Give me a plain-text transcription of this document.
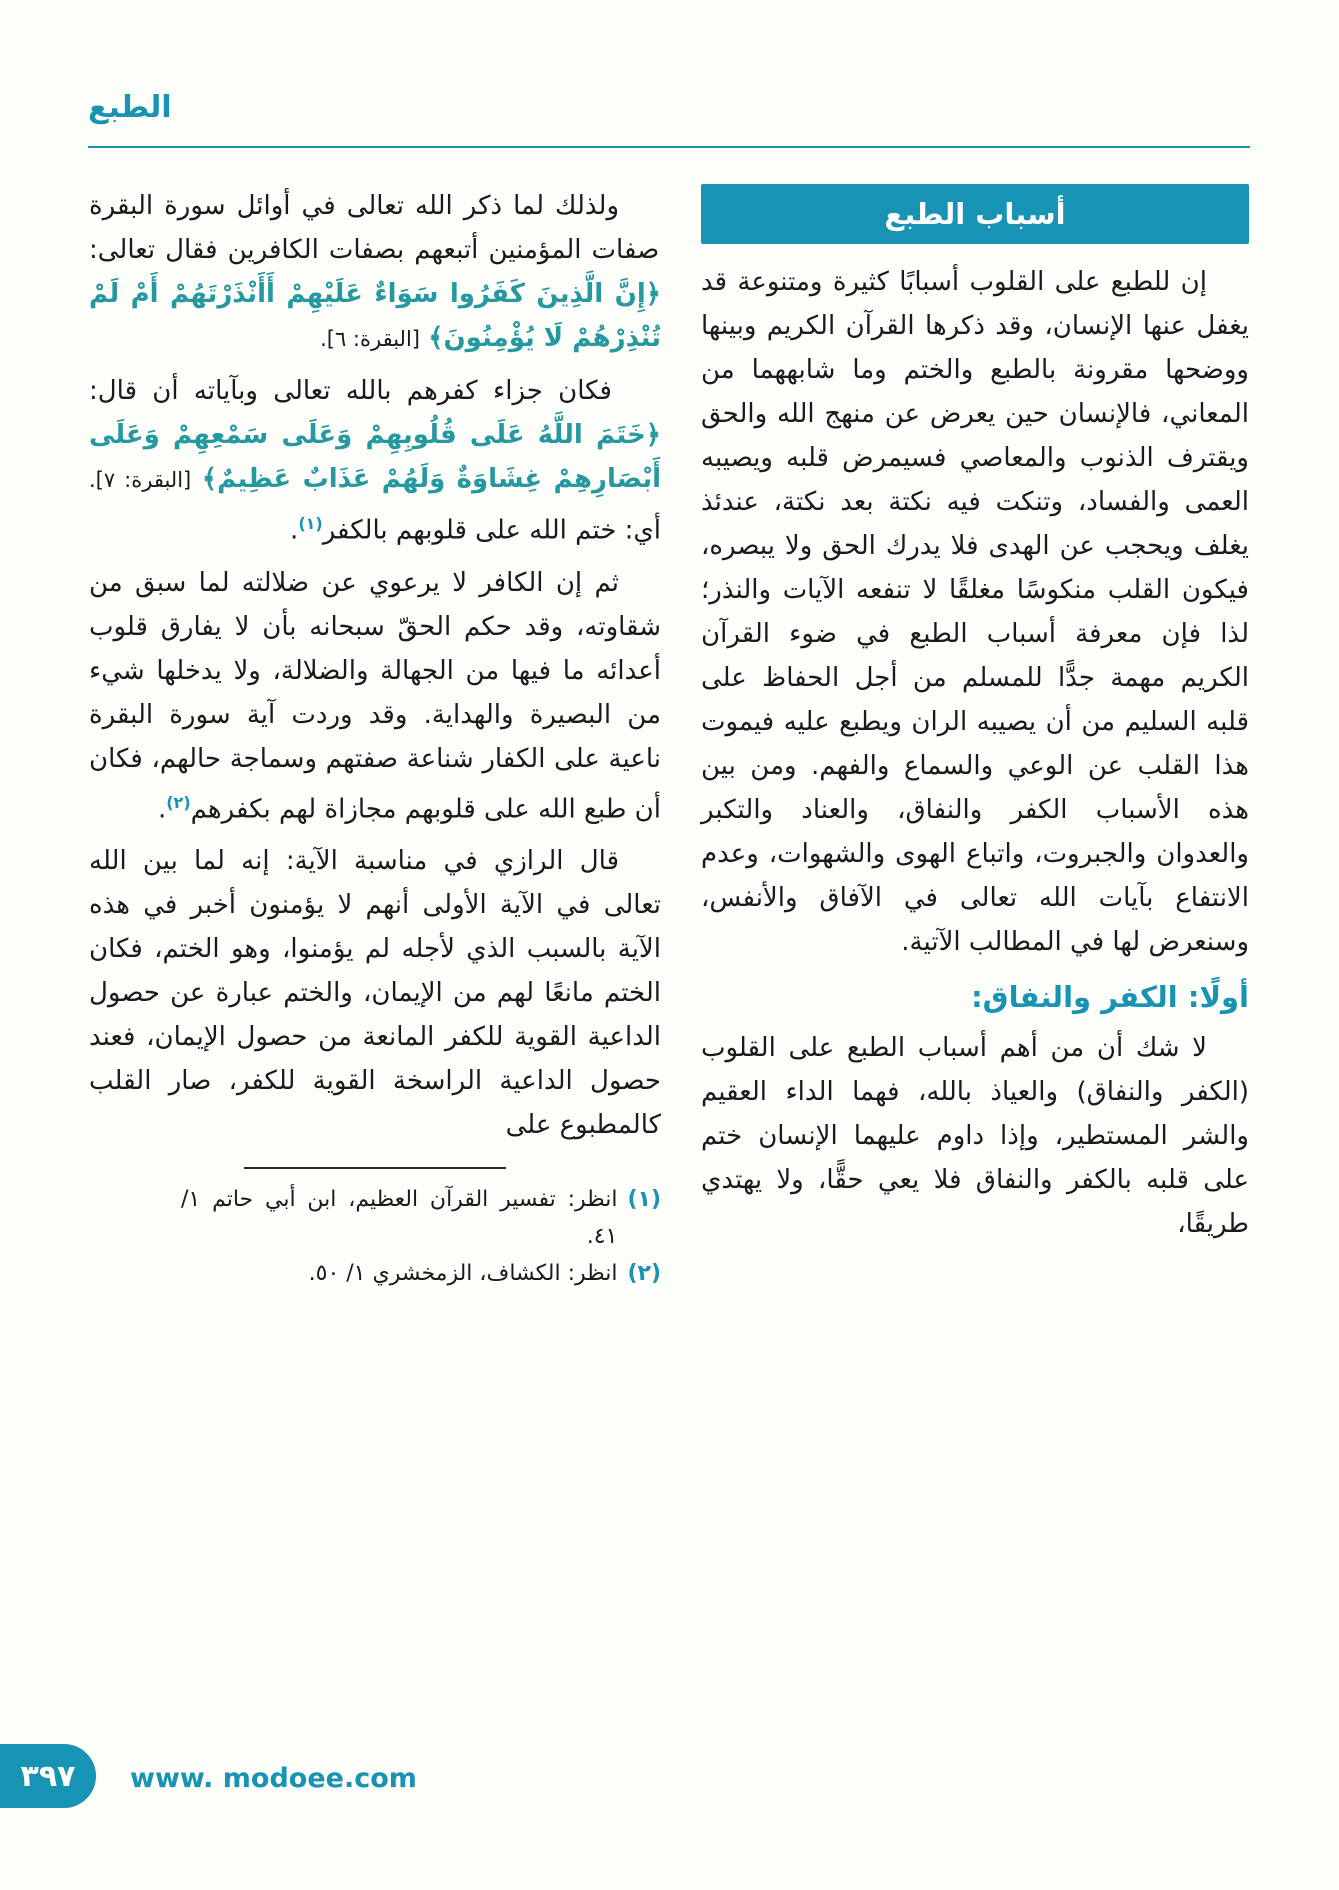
الطبع
أسباب الطبع

إن للطبع على القلوب أسبابًا كثيرة ومتنوعة قد يغفل عنها الإنسان، وقد ذكرها القرآن الكريم وبينها ووضحها مقرونة بالطبع والختم وما شابههما من المعاني، فالإنسان حين يعرض عن منهج الله والحق ويقترف الذنوب والمعاصي فسيمرض قلبه ويصيبه العمى والفساد، وتنكت فيه نكتة بعد نكتة، عندئذ يغلف ويحجب عن الهدى فلا يدرك الحق ولا يبصره، فيكون القلب منكوسًا مغلقًا لا تنفعه الآيات والنذر؛ لذا فإن معرفة أسباب الطبع في ضوء القرآن الكريم مهمة جدًّا للمسلم من أجل الحفاظ على قلبه السليم من أن يصيبه الران ويطبع عليه فيموت هذا القلب عن الوعي والسماع والفهم. ومن بين هذه الأسباب الكفر والنفاق، والعناد والتكبر والعدوان والجبروت، واتباع الهوى والشهوات، وعدم الانتفاع بآيات الله تعالى في الآفاق والأنفس، وسنعرض لها في المطالب الآتية.

أولًا: الكفر والنفاق:

لا شك أن من أهم أسباب الطبع على القلوب (الكفر والنفاق) والعياذ بالله، فهما الداء العقيم والشر المستطير، وإذا داوم عليهما الإنسان ختم على قلبه بالكفر والنفاق فلا يعي حقًّا، ولا يهتدي طريقًا،

ولذلك لما ذكر الله تعالى في أوائل سورة البقرة صفات المؤمنين أتبعهم بصفات الكافرين فقال تعالى: ﴿إِنَّ الَّذِينَ كَفَرُوا سَوَاءٌ عَلَيْهِمْ أَأَنْذَرْتَهُمْ أَمْ لَمْ تُنْذِرْهُمْ لَا يُؤْمِنُونَ﴾ [البقرة: ٦].

فكان جزاء كفرهم بالله تعالى وبآياته أن قال: ﴿خَتَمَ اللَّهُ عَلَى قُلُوبِهِمْ وَعَلَى سَمْعِهِمْ وَعَلَى أَبْصَارِهِمْ غِشَاوَةٌ وَلَهُمْ عَذَابٌ عَظِيمٌ﴾ [البقرة: ٧]. أي: ختم الله على قلوبهم بالكفر$^{(١)}$.

ثم إن الكافر لا يرعوي عن ضلالته لما سبق من شقاوته، وقد حكم الحقّ سبحانه بأن لا يفارق قلوب أعدائه ما فيها من الجهالة والضلالة، ولا يدخلها شيء من البصيرة والهداية. وقد وردت آية سورة البقرة ناعية على الكفار شناعة صفتهم وسماجة حالهم، فكان أن طبع الله على قلوبهم مجازاة لهم بكفرهم$^{(٢)}$.

قال الرازي في مناسبة الآية: إنه لما بين الله تعالى في الآية الأولى أنهم لا يؤمنون أخبر في هذه الآية بالسبب الذي لأجله لم يؤمنوا، وهو الختم، فكان الختم مانعًا لهم من الإيمان، والختم عبارة عن حصول الداعية القوية للكفر المانعة من حصول الإيمان، فعند حصول الداعية الراسخة القوية للكفر، صار القلب كالمطبوع على

(١)
انظر: تفسير القرآن العظيم، ابن أبي حاتم ١/ ٤١.
(٢)
انظر: الكشاف، الزمخشري ١/ ٥٠.
٣٩٧	www. modoee.com
